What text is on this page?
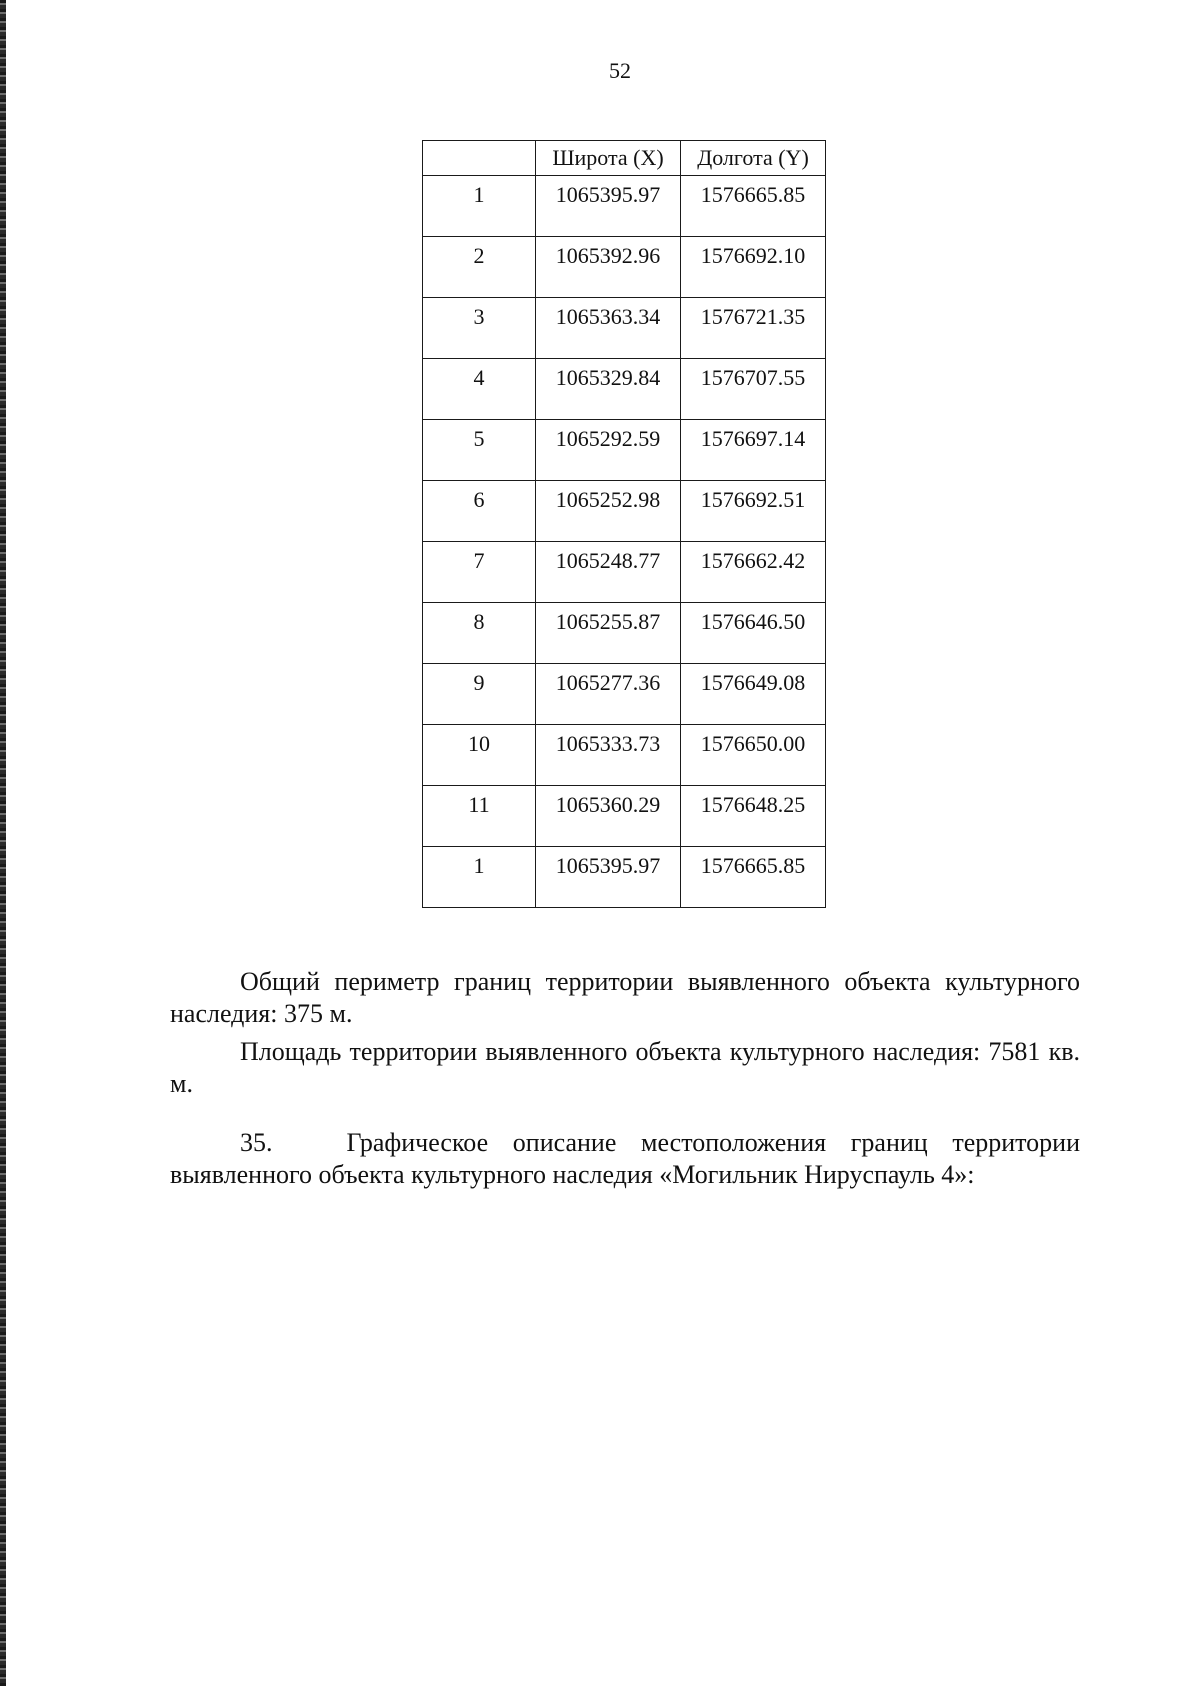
52
	Широта (X)	Долгота (Y)
1	1065395.97	1576665.85
2	1065392.96	1576692.10
3	1065363.34	1576721.35
4	1065329.84	1576707.55
5	1065292.59	1576697.14
6	1065252.98	1576692.51
7	1065248.77	1576662.42
8	1065255.87	1576646.50
9	1065277.36	1576649.08
10	1065333.73	1576650.00
11	1065360.29	1576648.25
1	1065395.97	1576665.85

Общий периметр границ территории выявленного объекта культурного наследия: 375 м.

Площадь территории выявленного объекта культурного наследия: 7581 кв. м.

35.	Графическое описание местоположения границ территории выявленного объекта культурного наследия «Могильник Нируспауль 4»:
